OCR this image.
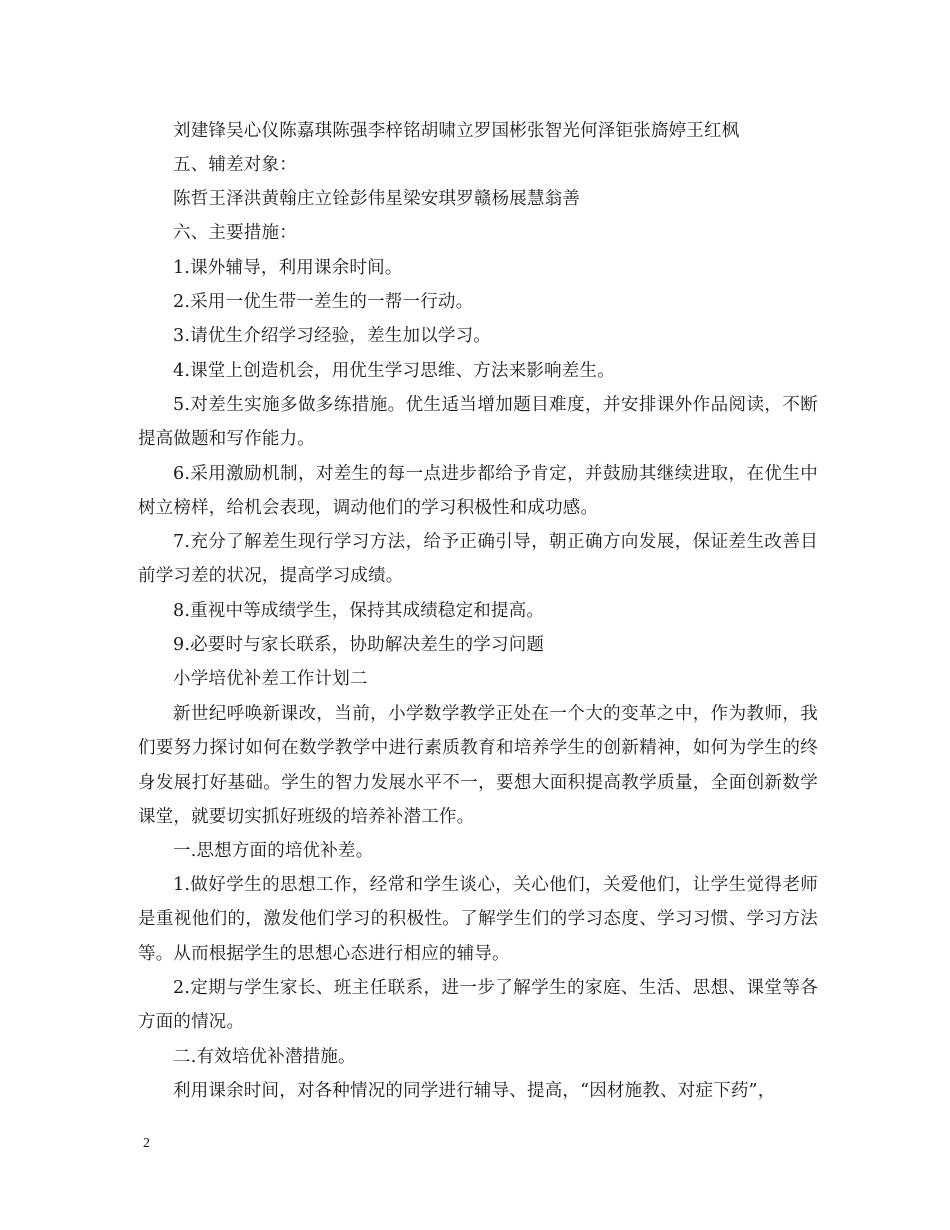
刘建锋吴心仪陈嘉琪陈强李梓铭胡啸立罗国彬张智光何泽钜张旖婷王红枫

五、辅差对象：

陈哲王泽洪黄翰庄立铨彭伟星梁安琪罗赣杨展慧翁善

六、主要措施：

1.课外辅导，利用课余时间。

2.采用一优生带一差生的一帮一行动。

3.请优生介绍学习经验，差生加以学习。

4.课堂上创造机会，用优生学习思维、方法来影响差生。

5.对差生实施多做多练措施。优生适当增加题目难度，并安排课外作品阅读，不断提高做题和写作能力。

6.采用激励机制，对差生的每一点进步都给予肯定，并鼓励其继续进取，在优生中树立榜样，给机会表现，调动他们的学习积极性和成功感。

7.充分了解差生现行学习方法，给予正确引导，朝正确方向发展，保证差生改善目前学习差的状况，提高学习成绩。

8.重视中等成绩学生，保持其成绩稳定和提高。

9.必要时与家长联系，协助解决差生的学习问题

小学培优补差工作计划二

新世纪呼唤新课改，当前，小学数学教学正处在一个大的变革之中，作为教师，我们要努力探讨如何在数学教学中进行素质教育和培养学生的创新精神，如何为学生的终身发展打好基础。学生的智力发展水平不一，要想大面积提高教学质量，全面创新数学课堂，就要切实抓好班级的培养补潜工作。

一.思想方面的培优补差。

1.做好学生的思想工作，经常和学生谈心，关心他们，关爱他们，让学生觉得老师是重视他们的，激发他们学习的积极性。了解学生们的学习态度、学习习惯、学习方法等。从而根据学生的思想心态进行相应的辅导。

2.定期与学生家长、班主任联系，进一步了解学生的家庭、生活、思想、课堂等各方面的情况。

二.有效培优补潜措施。

利用课余时间，对各种情况的同学进行辅导、提高，“因材施教、对症下药”，

2
